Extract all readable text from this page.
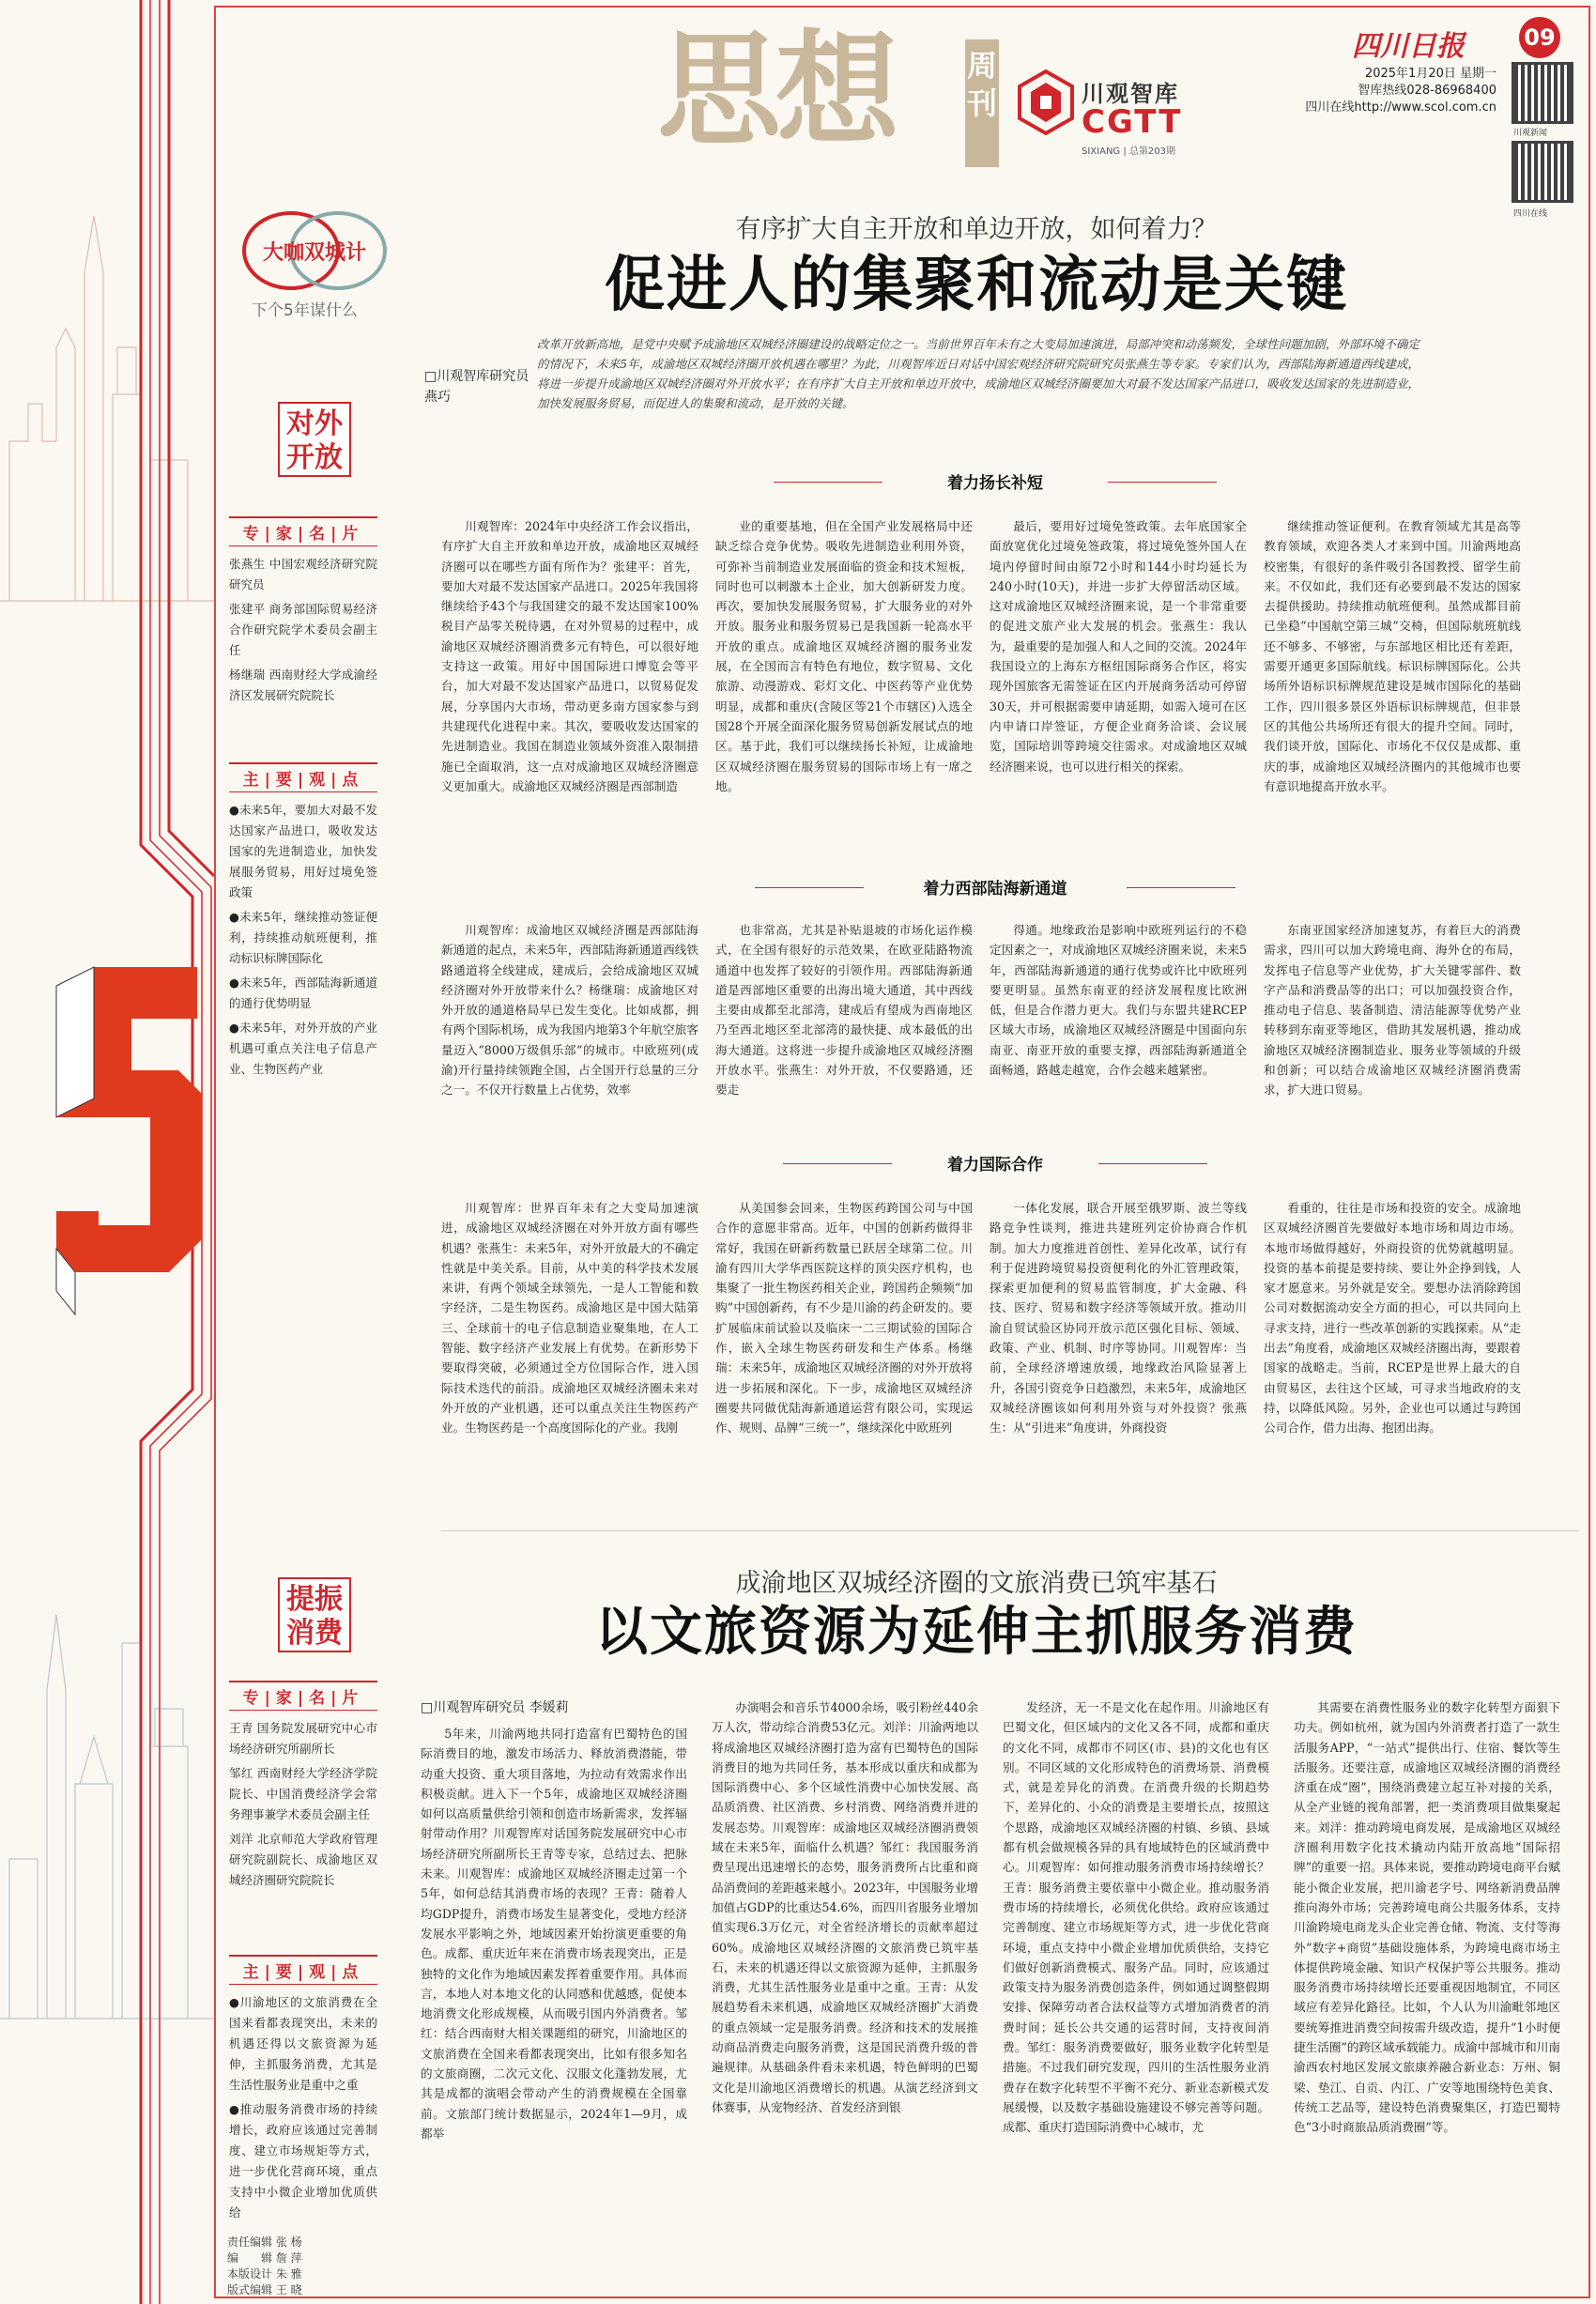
思想 周刊	川观智库
CGTT
SIXIANG | 总第203期
四川日报	09
2025年1月20日 星期一
智库热线028-86968400
四川在线http://www.scol.com.cn
川观新闻
四川在线
大咖双城计
下个5年谋什么
有序扩大自主开放和单边开放，如何着力？
促进人的集聚和流动是关键
对外开放
□川观智库研究员 燕巧
改革开放新高地，是党中央赋予成渝地区双城经济圈建设的战略定位之一。当前世界百年未有之大变局加速演进，局部冲突和动荡频发，全球性问题加剧，外部环境不确定的情况下，未来5年，成渝地区双城经济圈开放机遇在哪里？为此，川观智库近日对话中国宏观经济研究院研究员张燕生等专家。专家们认为，西部陆海新通道西线建成，将进一步提升成渝地区双城经济圈对外开放水平；在有序扩大自主开放和单边开放中，成渝地区双城经济圈要加大对最不发达国家产品进口，吸收发达国家的先进制造业，加快发展服务贸易，而促进人的集聚和流动，是开放的关键。
专|家|名|片

张燕生 中国宏观经济研究院研究员

张建平 商务部国际贸易经济合作研究院学术委员会副主任

杨继瑞 西南财经大学成渝经济区发展研究院院长

主|要|观|点

●未来5年，要加大对最不发达国家产品进口，吸收发达国家的先进制造业，加快发展服务贸易，用好过境免签政策

●未来5年，继续推动签证便利，持续推动航班便利，推动标识标牌国际化

●未来5年，西部陆海新通道的通行优势明显

●未来5年，对外开放的产业机遇可重点关注电子信息产业、生物医药产业

着力扬长补短
川观智库：2024年中央经济工作会议指出，有序扩大自主开放和单边开放，成渝地区双城经济圈可以在哪些方面有所作为？张建平：首先，要加大对最不发达国家产品进口。2025年我国将继续给予43个与我国建交的最不发达国家100%税目产品零关税待遇，在对外贸易的过程中，成渝地区双城经济圈消费多元有特色，可以很好地支持这一政策。用好中国国际进口博览会等平台，加大对最不发达国家产品进口，以贸易促发展，分享国内大市场，带动更多南方国家参与到共建现代化进程中来。其次，要吸收发达国家的先进制造业。我国在制造业领域外资准入限制措施已全面取消，这一点对成渝地区双城经济圈意义更加重大。成渝地区双城经济圈是西部制造
业的重要基地，但在全国产业发展格局中还缺乏综合竞争优势。吸收先进制造业利用外资，可弥补当前制造业发展面临的资金和技术短板，同时也可以刺激本土企业，加大创新研发力度。再次，要加快发展服务贸易，扩大服务业的对外开放。服务业和服务贸易已是我国新一轮高水平开放的重点。成渝地区双城经济圈的服务业发展，在全国而言有特色有地位，数字贸易、文化旅游、动漫游戏、彩灯文化、中医药等产业优势明显，成都和重庆(含陵区等21个市辖区)入选全国28个开展全面深化服务贸易创新发展试点的地区。基于此，我们可以继续扬长补短，让成渝地区双城经济圈在服务贸易的国际市场上有一席之地。
最后，要用好过境免签政策。去年底国家全面放宽优化过境免签政策，将过境免签外国人在境内停留时间由原72小时和144小时均延长为240小时(10天)，并进一步扩大停留活动区域。这对成渝地区双城经济圈来说，是一个非常重要的促进文旅产业大发展的机会。张燕生：我认为，最重要的是加强人和人之间的交流。2024年我国设立的上海东方枢纽国际商务合作区，将实现外国旅客无需签证在区内开展商务活动可停留30天，并可根据需要申请延期，如需入境可在区内申请口岸签证，方便企业商务洽谈、会议展览，国际培训等跨境交往需求。对成渝地区双城经济圈来说，也可以进行相关的探索。
继续推动签证便利。在教育领域尤其是高等教育领域，欢迎各类人才来到中国。川渝两地高校密集，有很好的条件吸引各国教授、留学生前来。不仅如此，我们还有必要到最不发达的国家去提供援助。持续推动航班便利。虽然成都目前已坐稳“中国航空第三城”交椅，但国际航班航线还不够多、不够密，与东部地区相比还有差距，需要开通更多国际航线。标识标牌国际化。公共场所外语标识标牌规范建设是城市国际化的基础工作，四川很多景区外语标识标牌规范，但非景区的其他公共场所还有很大的提升空间。同时，我们谈开放，国际化、市场化不仅仅是成都、重庆的事，成渝地区双城经济圈内的其他城市也要有意识地提高开放水平。
着力西部陆海新通道
川观智库：成渝地区双城经济圈是西部陆海新通道的起点，未来5年，西部陆海新通道西线铁路通道将全线建成，建成后，会给成渝地区双城经济圈对外开放带来什么？杨继瑞：成渝地区对外开放的通道格局早已发生变化。比如成都，拥有两个国际机场，成为我国内地第3个年航空旅客量迈入“8000万级俱乐部”的城市。中欧班列(成渝)开行量持续领跑全国，占全国开行总量的三分之一。不仅开行数量上占优势，效率
也非常高，尤其是补贴退坡的市场化运作模式，在全国有很好的示范效果，在欧亚陆路物流通道中也发挥了较好的引领作用。西部陆海新通道是西部地区重要的出海出境大通道，其中西线主要由成都至北部湾，建成后有望成为西南地区乃至西北地区至北部湾的最快捷、成本最低的出海大通道。这将进一步提升成渝地区双城经济圈开放水平。张燕生：对外开放，不仅要路通，还要走
得通。地缘政治是影响中欧班列运行的不稳定因素之一，对成渝地区双城经济圈来说，未来5年，西部陆海新通道的通行优势或许比中欧班列要更明显。虽然东南亚的经济发展程度比欧洲低，但是合作潜力更大。我们与东盟共建RCEP区域大市场，成渝地区双城经济圈是中国面向东南亚、南亚开放的重要支撑，西部陆海新通道全面畅通，路越走越宽，合作会越来越紧密。
东南亚国家经济加速复苏，有着巨大的消费需求，四川可以加大跨境电商、海外仓的布局，发挥电子信息等产业优势，扩大关键零部件、数字产品和消费品等的出口；可以加强投资合作，推动电子信息、装备制造、清洁能源等优势产业转移到东南亚等地区，借助其发展机遇，推动成渝地区双城经济圈制造业、服务业等领域的升级和创新；可以结合成渝地区双城经济圈消费需求，扩大进口贸易。
着力国际合作
川观智库：世界百年未有之大变局加速演进，成渝地区双城经济圈在对外开放方面有哪些机遇？张燕生：未来5年，对外开放最大的不确定性就是中美关系。目前，从中美的科学技术发展来讲，有两个领域全球领先，一是人工智能和数字经济，二是生物医药。成渝地区是中国大陆第三、全球前十的电子信息制造业聚集地，在人工智能、数字经济产业发展上有优势。在新形势下要取得突破，必须通过全方位国际合作，进入国际技术迭代的前沿。成渝地区双城经济圈未来对外开放的产业机遇，还可以重点关注生物医药产业。生物医药是一个高度国际化的产业。我刚
从美国参会回来，生物医药跨国公司与中国合作的意愿非常高。近年，中国的创新药做得非常好，我国在研新药数量已跃居全球第二位。川渝有四川大学华西医院这样的顶尖医疗机构，也集聚了一批生物医药相关企业，跨国药企频频“加购”中国创新药，有不少是川渝的药企研发的。要扩展临床前试验以及临床一二三期试验的国际合作，嵌入全球生物医药研发和生产体系。杨继瑞：未来5年，成渝地区双城经济圈的对外开放将进一步拓展和深化。下一步，成渝地区双城经济圈要共同做优陆海新通道运营有限公司，实现运作、规则、品牌“三统一”，继续深化中欧班列
一体化发展，联合开展至俄罗斯、波兰等线路竞争性谈判，推进共建班列定价协商合作机制。加大力度推进首创性、差异化改革，试行有利于促进跨境贸易投资便利化的外汇管理政策，探索更加便利的贸易监管制度，扩大金融、科技、医疗、贸易和数字经济等领域开放。推动川渝自贸试验区协同开放示范区强化目标、领域、政策、产业、机制、时序等协同。川观智库：当前，全球经济增速放缓，地缘政治风险显著上升，各国引资竞争日趋激烈，未来5年，成渝地区双城经济圈该如何利用外资与对外投资？张燕生：从“引进来”角度讲，外商投资
看重的，往往是市场和投资的安全。成渝地区双城经济圈首先要做好本地市场和周边市场。本地市场做得越好，外商投资的优势就越明显。投资的基本前提是要持续、要让外企挣到钱，人家才愿意来。另外就是安全。要想办法消除跨国公司对数据流动安全方面的担心，可以共同向上寻求支持，进行一些改革创新的实践探索。从“走出去”角度看，成渝地区双城经济圈出海，要跟着国家的战略走。当前，RCEP是世界上最大的自由贸易区，去往这个区域，可寻求当地政府的支持，以降低风险。另外，企业也可以通过与跨国公司合作，借力出海、抱团出海。
成渝地区双城经济圈的文旅消费已筑牢基石
以文旅资源为延伸主抓服务消费
提振消费
专|家|名|片

王青 国务院发展研究中心市场经济研究所副所长

邹红 西南财经大学经济学院院长、中国消费经济学会常务理事兼学术委员会副主任

刘洋 北京师范大学政府管理研究院副院长、成渝地区双城经济圈研究院院长

主|要|观|点

●川渝地区的文旅消费在全国来看都表现突出，未来的机遇还得以文旅资源为延伸，主抓服务消费，尤其是生活性服务业是重中之重

●推动服务消费市场的持续增长，政府应该通过完善制度、建立市场规矩等方式，进一步优化营商环境，重点支持中小微企业增加优质供给

□川观智库研究员 李媛莉
5年来，川渝两地共同打造富有巴蜀特色的国际消费目的地，激发市场活力、释放消费潜能，带动重大投资、重大项目落地，为拉动有效需求作出积极贡献。进入下一个5年，成渝地区双城经济圈如何以高质量供给引领和创造市场新需求，发挥辐射带动作用？川观智库对话国务院发展研究中心市场经济研究所副所长王青等专家，总结过去、把脉未来。川观智库：成渝地区双城经济圈走过第一个5年，如何总结其消费市场的表现？王青：随着人均GDP提升，消费市场发生显著变化，受地方经济发展水平影响之外，地域因素开始扮演更重要的角色。成都、重庆近年来在消费市场表现突出，正是独特的文化作为地域因素发挥着重要作用。具体而言，本地人对本地文化的认同感和优越感，促使本地消费文化形成规模，从而吸引国内外消费者。邹红：结合西南财大相关课题组的研究，川渝地区的文旅消费在全国来看都表现突出，比如有很多知名的文旅商圈，二次元文化、汉服文化蓬勃发展，尤其是成都的演唱会带动产生的消费规模在全国靠前。文旅部门统计数据显示，2024年1—9月，成都举
办演唱会和音乐节4000余场，吸引粉丝440余万人次，带动综合消费53亿元。刘洋：川渝两地以将成渝地区双城经济圈打造为富有巴蜀特色的国际消费目的地为共同任务，基本形成以重庆和成都为国际消费中心、多个区域性消费中心加快发展、高品质消费、社区消费、乡村消费、网络消费并进的发展态势。川观智库：成渝地区双城经济圈消费领域在未来5年，面临什么机遇？邹红：我国服务消费呈现出迅速增长的态势，服务消费所占比重和商品消费间的差距越来越小。2023年，中国服务业增加值占GDP的比重达54.6%，而四川省服务业增加值实现6.3万亿元，对全省经济增长的贡献率超过60%。成渝地区双城经济圈的文旅消费已筑牢基石，未来的机遇还得以文旅资源为延伸，主抓服务消费，尤其生活性服务业是重中之重。王青：从发展趋势看未来机遇，成渝地区双城经济圈扩大消费的重点领域一定是服务消费。经济和技术的发展推动商品消费走向服务消费，这是国民消费升级的普遍规律。从基础条件看未来机遇，特色鲜明的巴蜀文化是川渝地区消费增长的机遇。从演艺经济到文体赛事，从宠物经济、首发经济到银
发经济，无一不是文化在起作用。川渝地区有巴蜀文化，但区域内的文化又各不同，成都和重庆的文化不同，成都市不同区(市、县)的文化也有区别。不同区域的文化形成特色的消费场景、消费模式，就是差异化的消费。在消费升级的长期趋势下，差异化的、小众的消费是主要增长点，按照这个思路，成渝地区双城经济圈的村镇、乡镇、县域都有机会做规模各异的具有地域特色的区域消费中心。川观智库：如何推动服务消费市场持续增长？王青：服务消费主要依靠中小微企业。推动服务消费市场的持续增长，必须优化供给。政府应该通过完善制度、建立市场规矩等方式，进一步优化营商环境，重点支持中小微企业增加优质供给，支持它们做好创新消费模式、服务产品。同时，应该通过政策支持为服务消费创造条件，例如通过调整假期安排、保障劳动者合法权益等方式增加消费者的消费时间；延长公共交通的运营时间，支持夜间消费。邹红：服务消费要做好，服务业数字化转型是措施。不过我们研究发现，四川的生活性服务业消费存在数字化转型不平衡不充分、新业态新模式发展缓慢，以及数字基础设施建设不够完善等问题。成都、重庆打造国际消费中心城市，尤
其需要在消费性服务业的数字化转型方面狠下功夫。例如杭州，就为国内外消费者打造了一款生活服务APP，“一站式”提供出行、住宿、餐饮等生活服务。还要注意，成渝地区双城经济圈的消费经济重在成“圈”，围绕消费建立起互补对接的关系，从全产业链的视角部署，把一类消费项目做集聚起来。刘洋：推动跨境电商发展，是成渝地区双城经济圈利用数字化技术撬动内陆开放高地“国际招牌”的重要一招。具体来说，要推动跨境电商平台赋能小微企业发展，把川渝老字号、网络新消费品牌推向海外市场；完善跨境电商公共服务体系，支持川渝跨境电商龙头企业完善仓储、物流、支付等海外“数字+商贸”基础设施体系，为跨境电商市场主体提供跨境金融、知识产权保护等公共服务。推动服务消费市场持续增长还要重视因地制宜，不同区域应有差异化路径。比如，个人认为川渝毗邻地区要统筹推进消费空间按需升级改造，提升“1小时便捷生活圈”的跨区域承载能力。成渝中部城市和川南渝西农村地区发展文旅康养融合新业态：万州、铜梁、垫江、自贡、内江、广安等地围绕特色美食、传统工艺品等，建设特色消费聚集区，打造巴蜀特色“3小时商旅品质消费圈”等。
责任编辑 张 杨
编　　辑 詹 萍
本版设计 朱 雅
版式编辑 王 晓
